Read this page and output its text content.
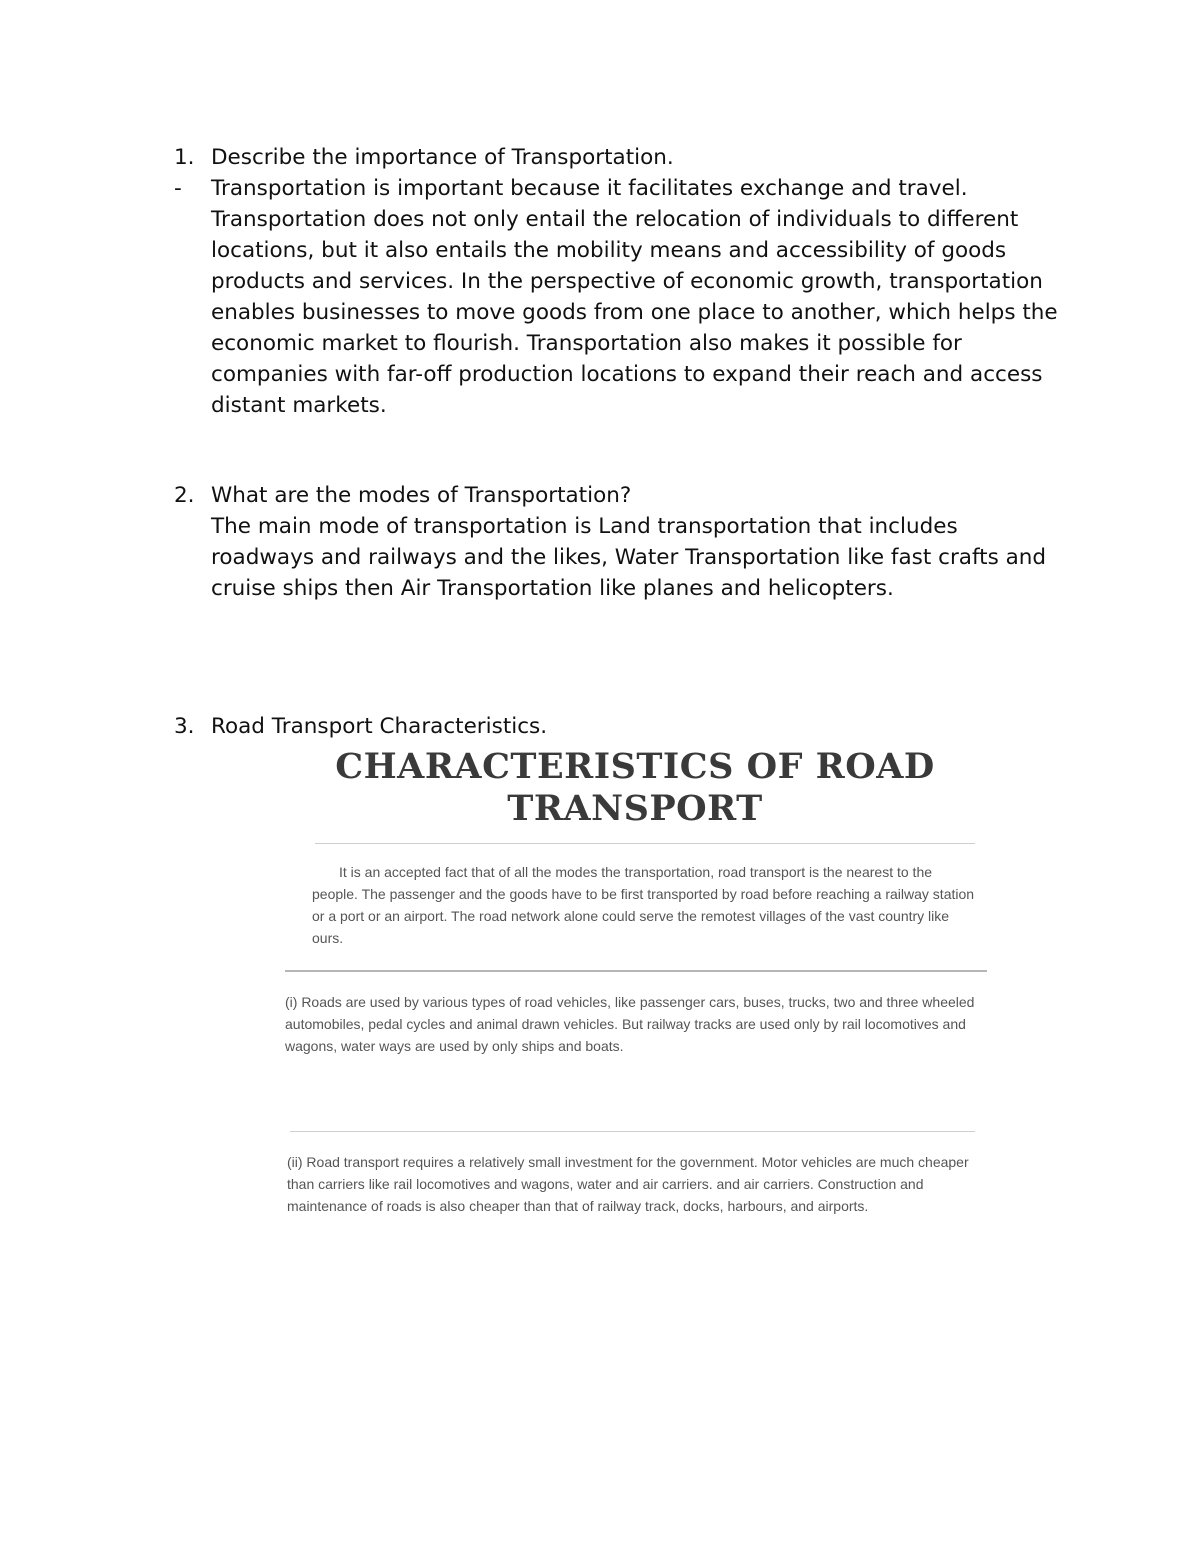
1. Describe the importance of Transportation.
- Transportation is important because it facilitates exchange and travel. Transportation does not only entail the relocation of individuals to different locations, but it also entails the mobility means and accessibility of goods products and services. In the perspective of economic growth, transportation enables businesses to move goods from one place to another, which helps the economic market to flourish. Transportation also makes it possible for companies with far-off production locations to expand their reach and access distant markets.

2. What are the modes of Transportation?

The main mode of transportation is Land transportation that includes roadways and railways and the likes, Water Transportation like fast crafts and cruise ships then Air Transportation like planes and helicopters.

3. Road Transport Characteristics.
CHARACTERISTICS OF ROAD
TRANSPORT

It is an accepted fact that of all the modes the transportation, road transport is the nearest to the people. The passenger and the goods have to be first transported by road before reaching a railway station or a port or an airport. The road network alone could serve the remotest villages of the vast country like ours.

(i) Roads are used by various types of road vehicles, like passenger cars, buses, trucks, two and three wheeled automobiles, pedal cycles and animal drawn vehicles. But railway tracks are used only by rail locomotives and wagons, water ways are used by only ships and boats.

(ii) Road transport requires a relatively small investment for the government. Motor vehicles are much cheaper than carriers like rail locomotives and wagons, water and air carriers. and air carriers. Construction and maintenance of roads is also cheaper than that of railway track, docks, harbours, and airports.
